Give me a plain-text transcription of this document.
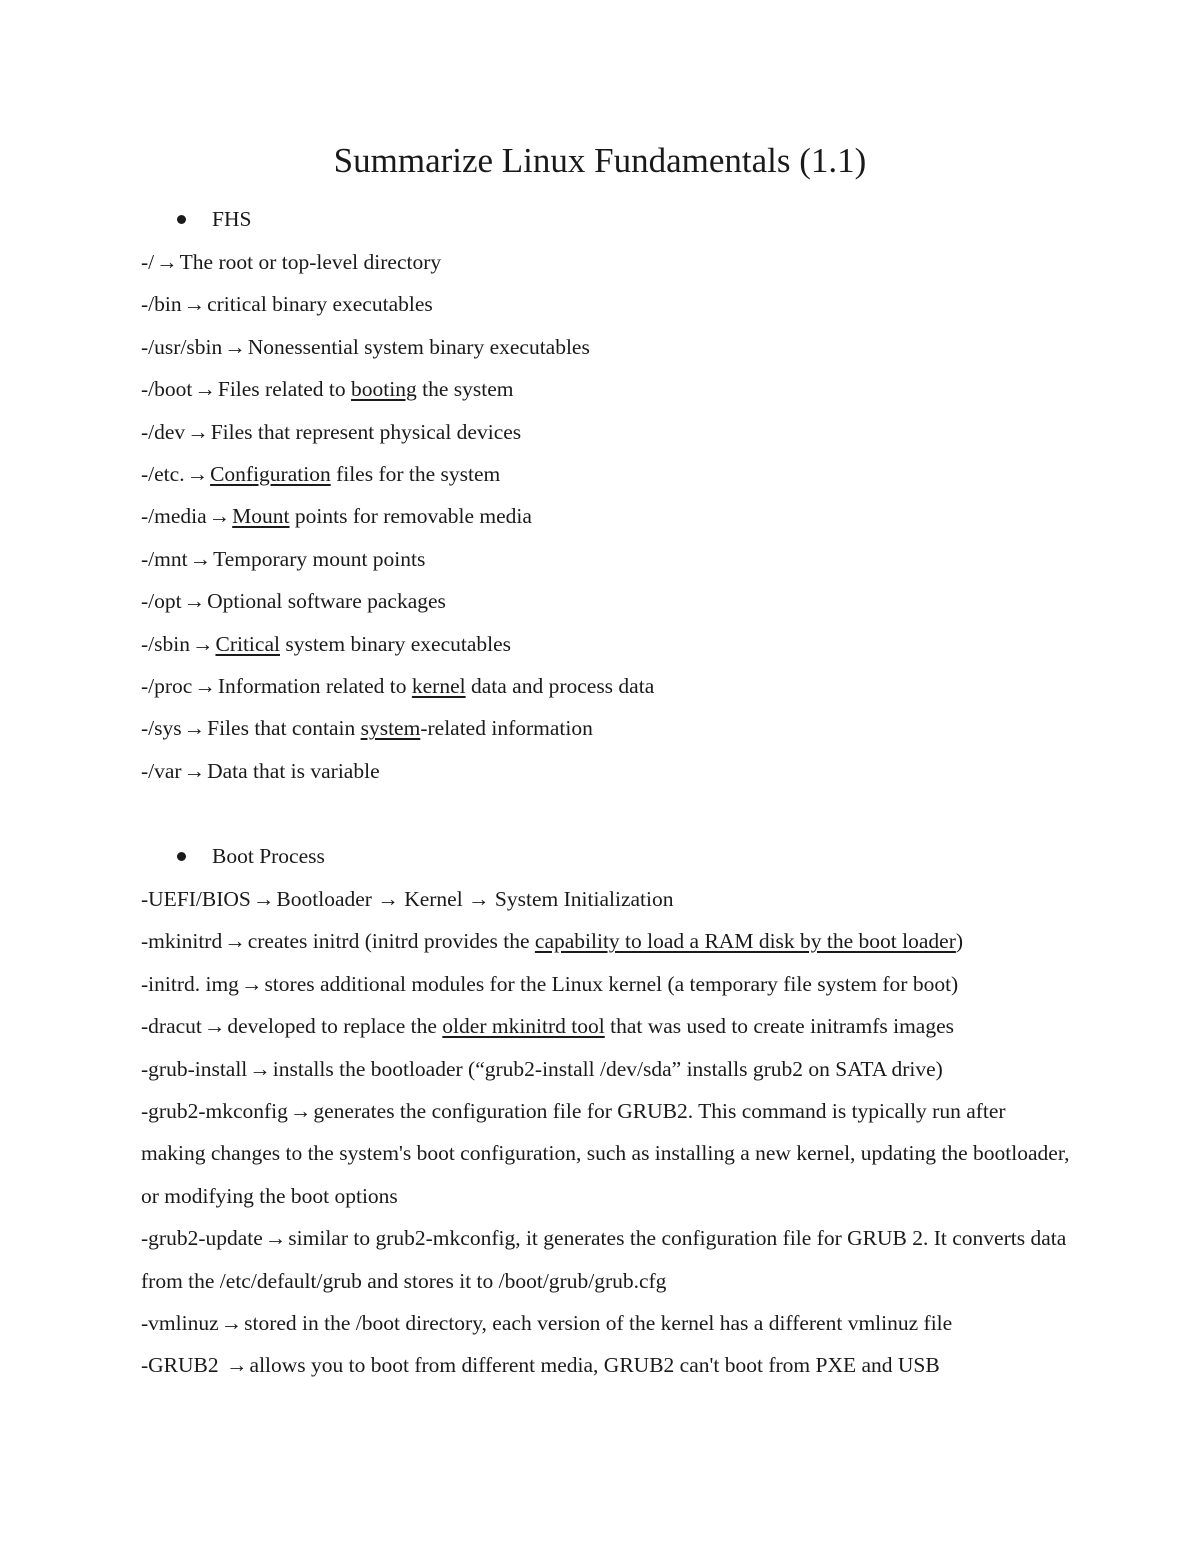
Summarize Linux Fundamentals (1.1)
FHS
-/→The root or top-level directory
-/bin→critical binary executables
-/usr/sbin→Nonessential system binary executables
-/boot→Files related to booting the system
-/dev→Files that represent physical devices
-/etc.→Configuration files for the system
-/media→Mount points for removable media
-/mnt→Temporary mount points
-/opt→Optional software packages
-/sbin→Critical system binary executables
-/proc→Information related to kernel data and process data
-/sys→Files that contain system-related information
-/var→Data that is variable
Boot Process
-UEFI/BIOS→Bootloader → Kernel → System Initialization
-mkinitrd→creates initrd (initrd provides the capability to load a RAM disk by the boot loader)
-initrd. img→stores additional modules for the Linux kernel (a temporary file system for boot)
-dracut→developed to replace the older mkinitrd tool that was used to create initramfs images
-grub-install→installs the bootloader (“grub2-install /dev/sda” installs grub2 on SATA drive)
-grub2-mkconfig→generates the configuration file for GRUB2. This command is typically run after making changes to the system's boot configuration, such as installing a new kernel, updating the bootloader, or modifying the boot options
-grub2-update→similar to grub2-mkconfig, it generates the configuration file for GRUB 2. It converts data from the /etc/default/grub and stores it to /boot/grub/grub.cfg
-vmlinuz→stored in the /boot directory, each version of the kernel has a different vmlinuz file
-GRUB2 →allows you to boot from different media, GRUB2 can't boot from PXE and USB
